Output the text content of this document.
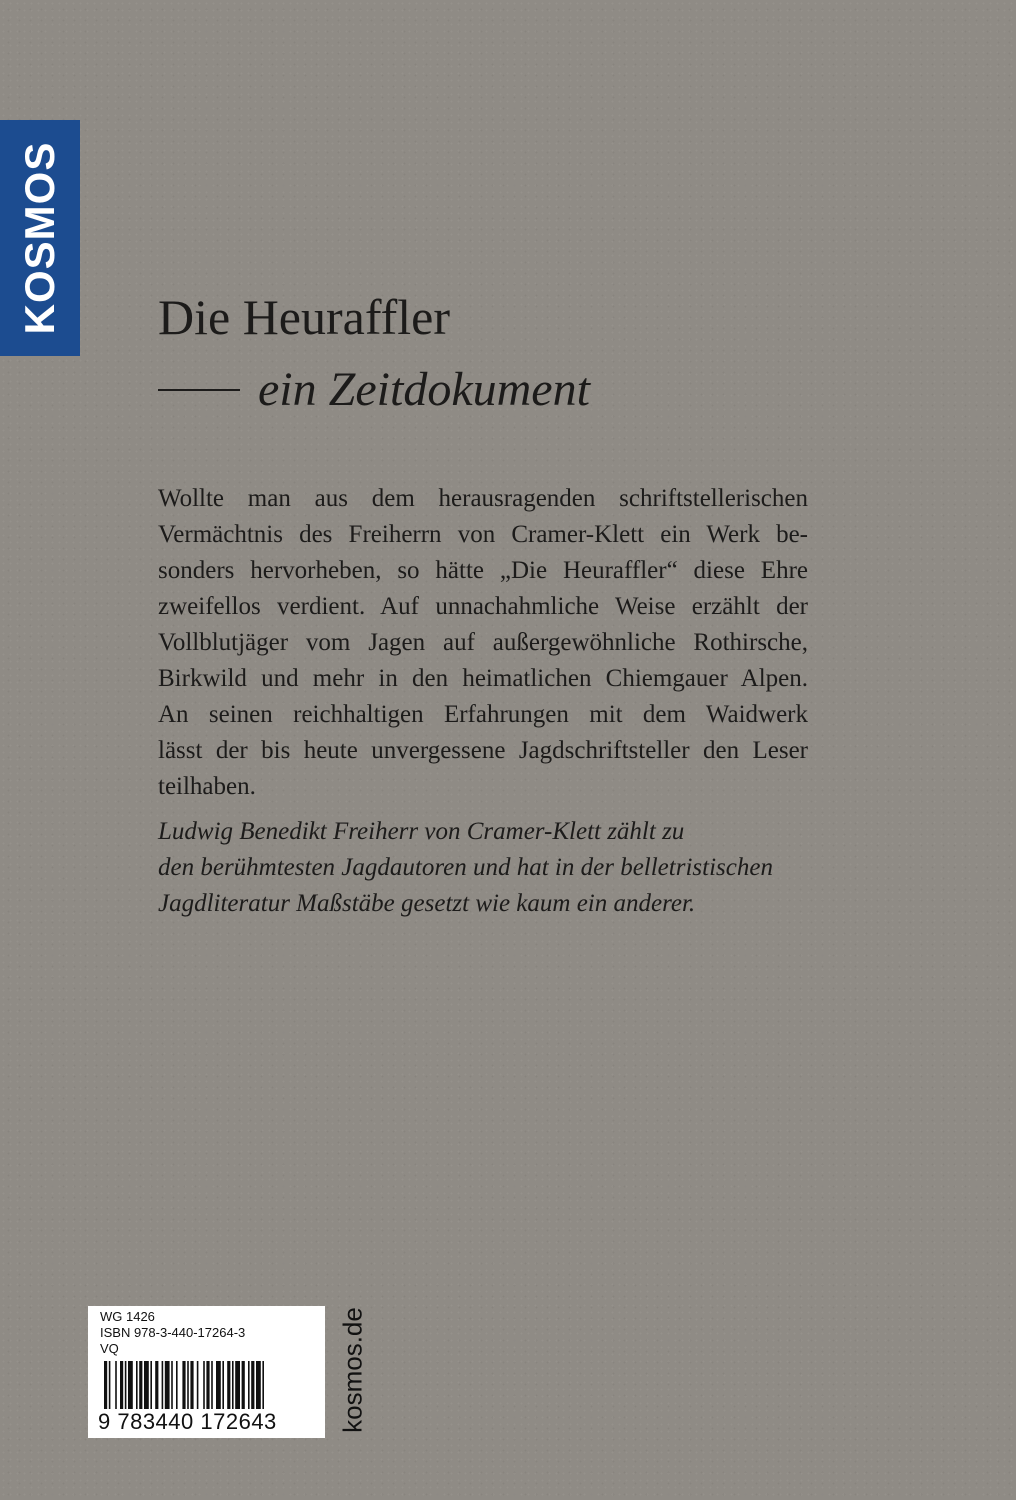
KOSMOS Die Heuraffler
ein Zeitdokument

Wollte man aus dem herausragenden schriftstellerischen
Vermächtnis des Freiherrn von Cramer-Klett ein Werk be-
sonders hervorheben, so hätte „Die Heuraffler“ diese Ehre
zweifellos verdient. Auf unnachahmliche Weise erzählt der
Vollblutjäger vom Jagen auf außergewöhnliche Rothirsche,
Birkwild und mehr in den heimatlichen Chiemgauer Alpen.
An seinen reichhaltigen Erfahrungen mit dem Waidwerk
lässt der bis heute unvergessene Jagdschriftsteller den Leser
teilhaben.

Ludwig Benedikt Freiherr von Cramer-Klett zählt zu
den berühmtesten Jagdautoren und hat in der belletristischen
Jagdliteratur Maßstäbe gesetzt wie kaum ein anderer.

WG 1426
ISBN 978-3-440-17264-3
VQ
9 783440 172643 kosmos.de
